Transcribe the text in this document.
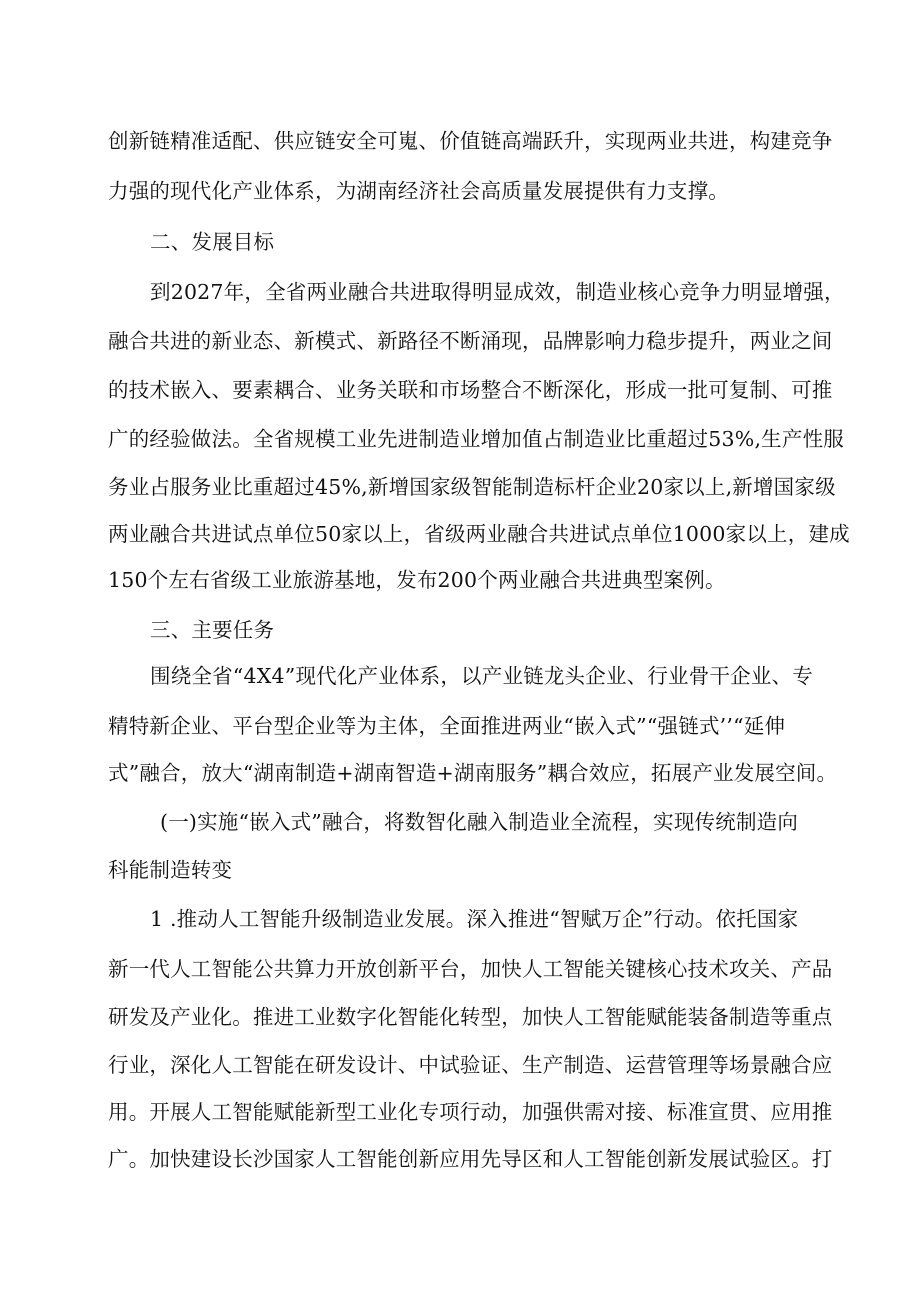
创新链精准适配、供应链安全可嵬、价值链高端跃升，实现两业共进，构建竞争
力强的现代化产业体系，为湖南经济社会高质量发展提供有力支撑。
二、发展目标
到2027年，全省两业融合共进取得明显成效，制造业核心竞争力明显增强，
融合共进的新业态、新模式、新路径不断涌现，品牌影响力稳步提升，两业之间
的技术嵌入、要素耦合、业务关联和市场整合不断深化，形成一批可复制、可推
广的经验做法。全省规模工业先进制造业增加值占制造业比重超过53%,生产性服
务业占服务业比重超过45%,新增国家级智能制造标杆企业20家以上,新增国家级
两业融合共进试点单位50家以上，省级两业融合共进试点单位1000家以上，建成
150个左右省级工业旅游基地，发布200个两业融合共进典型案例。
三、主要任务
围绕全省“4X4”现代化产业体系，以产业链龙头企业、行业骨干企业、专
精特新企业、平台型企业等为主体，全面推进两业“嵌入式”“强链式’’“延伸
式”融合，放大“湖南制造+湖南智造+湖南服务”耦合效应，拓展产业发展空间。
(一)实施“嵌入式”融合，将数智化融入制造业全流程，实现传统制造向
科能制造转变
1 .推动人工智能升级制造业发展。深入推进“智赋万企”行动。依托国家
新一代人工智能公共算力开放创新平台，加快人工智能关键核心技术攻关、产品
研发及产业化。推进工业数字化智能化转型，加快人工智能赋能装备制造等重点
行业，深化人工智能在研发设计、中试验证、生产制造、运营管理等场景融合应
用。开展人工智能赋能新型工业化专项行动，加强供需对接、标准宣贯、应用推
广。加快建设长沙国家人工智能创新应用先导区和人工智能创新发展试验区。打
